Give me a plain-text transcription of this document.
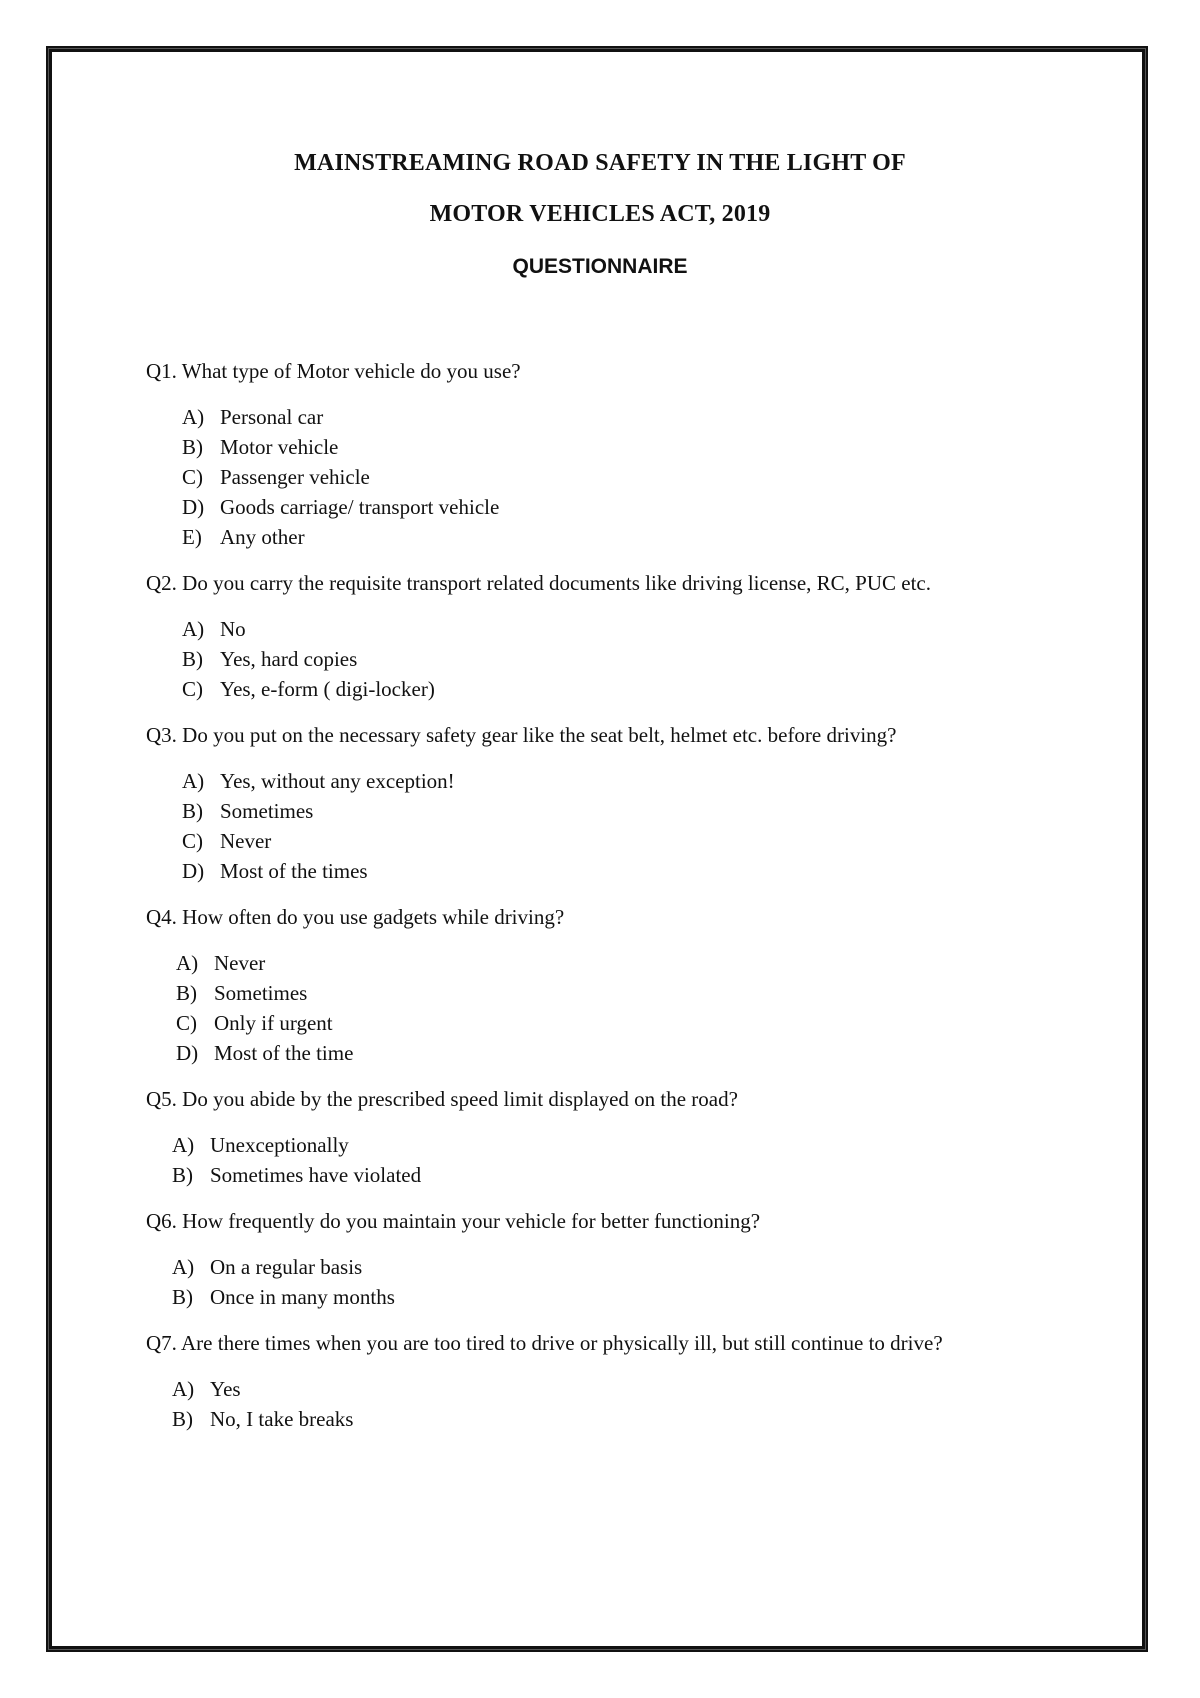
MAINSTREAMING ROAD SAFETY IN THE LIGHT OF
MOTOR VEHICLES ACT, 2019
QUESTIONNAIRE

Q1. What type of Motor vehicle do you use?

A) Personal car
B) Motor vehicle
C) Passenger vehicle
D) Goods carriage/ transport vehicle
E) Any other

Q2. Do you carry the requisite transport related documents like driving license, RC, PUC etc.

A) No
B) Yes, hard copies
C) Yes, e-form ( digi-locker)

Q3. Do you put on the necessary safety gear like the seat belt, helmet etc. before driving?

A) Yes, without any exception!
B) Sometimes
C) Never
D) Most of the times

Q4. How often do you use gadgets while driving?

A) Never
B) Sometimes
C) Only if urgent
D) Most of the time

Q5. Do you abide by the prescribed speed limit displayed on the road?

A) Unexceptionally
B) Sometimes have violated

Q6. How frequently do you maintain your vehicle for better functioning?

A) On a regular basis
B) Once in many months

Q7. Are there times when you are too tired to drive or physically ill, but still continue to drive?

A) Yes
B) No, I take breaks
